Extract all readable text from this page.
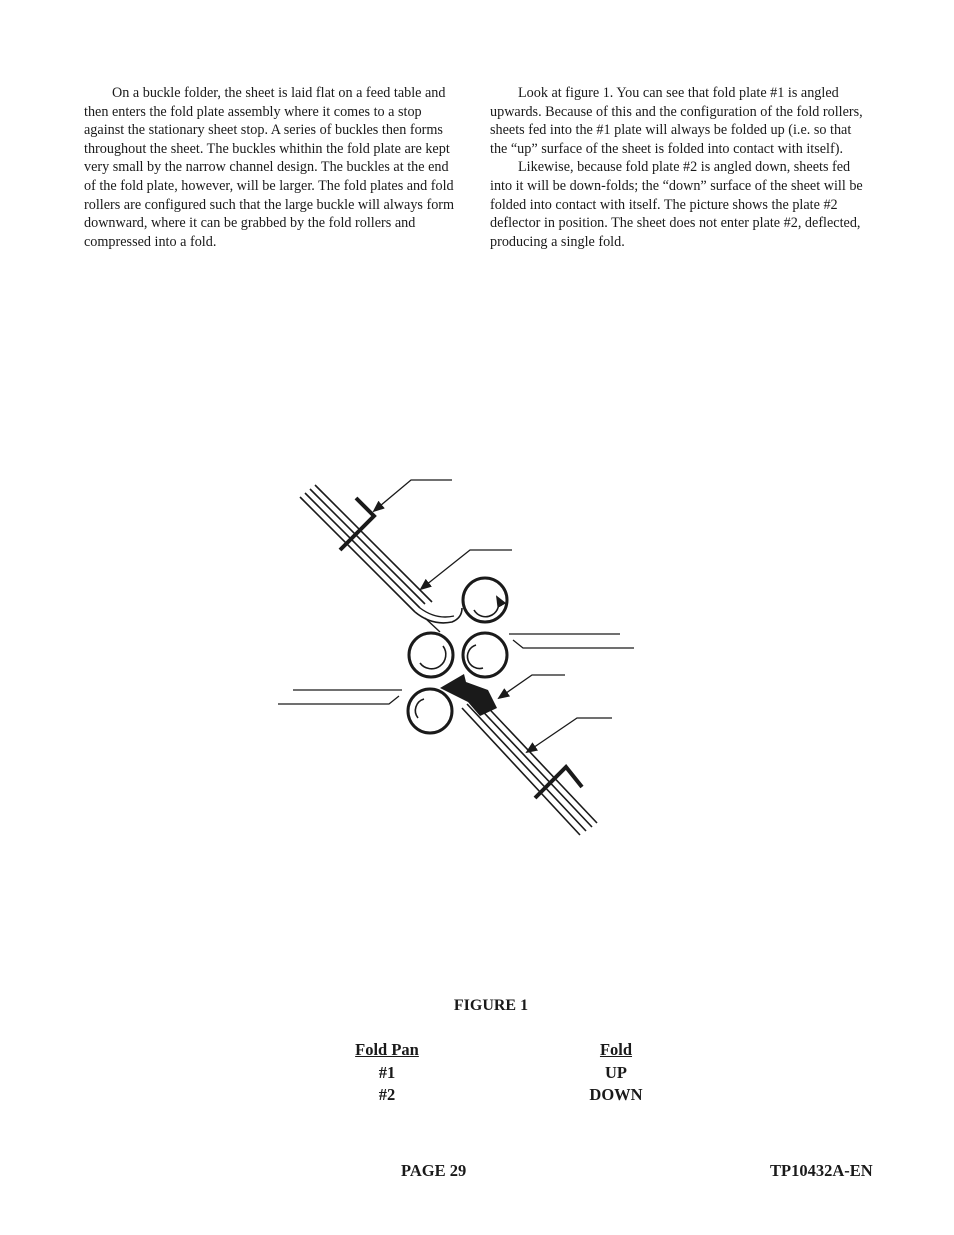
On a buckle folder, the sheet is laid flat on a feed table and then enters the fold plate assembly where it comes to a stop against the stationary sheet stop. A series of buckles then forms throughout the sheet. The buckles whithin the fold plate are kept very small by the narrow channel design. The buckles at the end of the fold plate, however, will be larger. The fold plates and fold rollers are configured such that the large buckle will always form downward, where it can be grabbed by the fold rollers and compressed into a fold.

Look at figure 1. You can see that fold plate #1 is angled upwards. Because of this and the configuration of the fold rollers, sheets fed into the #1 plate will always be folded up (i.e. so that the “up” surface of the sheet is folded into contact with itself).

Likewise, because fold plate #2 is angled down, sheets fed into it will be down-folds; the “down” surface of the sheet will be folded into contact with itself. The picture shows the plate #2 deflector in position. The sheet does not enter plate #2, deflected, producing a single fold.

FIGURE 1
Fold Pan
#1
#2
Fold
UP
DOWN
PAGE 29	TP10432A-EN
